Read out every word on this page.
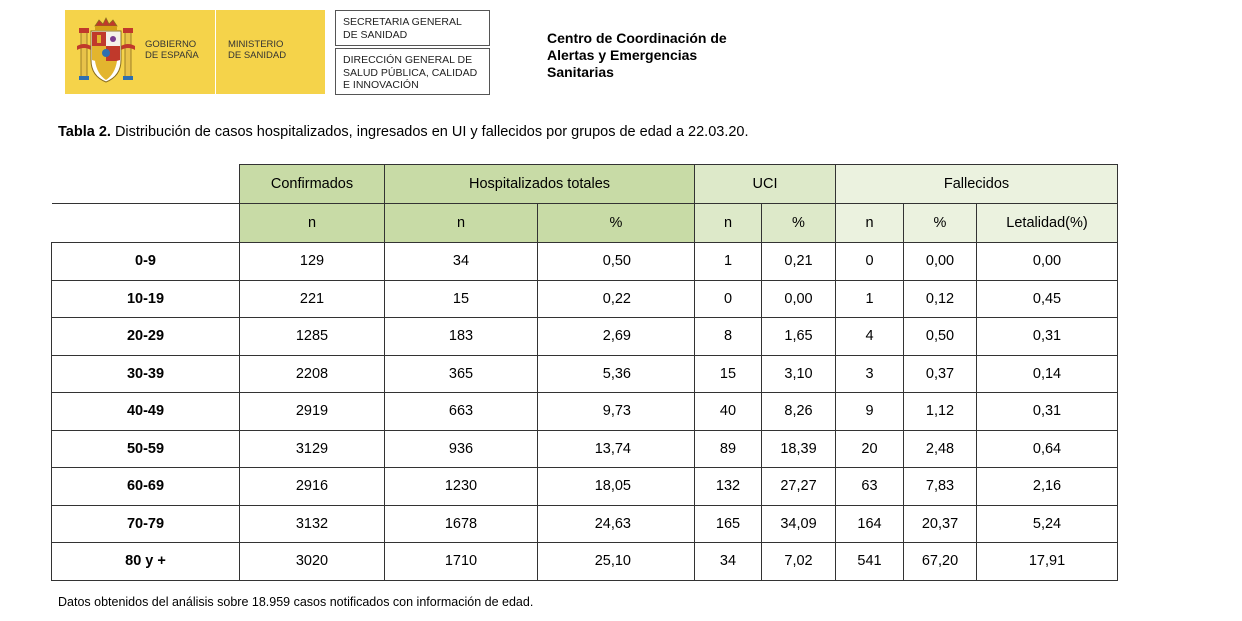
GOBIERNO
DE ESPAÑA
MINISTERIO
DE SANIDAD
SECRETARIA GENERAL
DE SANIDAD
DIRECCIÓN GENERAL DE
SALUD PÚBLICA, CALIDAD
E INNOVACIÓN
Centro de Coordinación de
Alertas y Emergencias
Sanitarias
Tabla 2. Distribución de casos hospitalizados, ingresados en UI y fallecidos por grupos de edad a 22.03.20.
	Confirmados	Hospitalizados totales		UCI		Fallecidos		
	n	n	%	n	%	n	%	Letalidad(%)
0-9	129	34	0,50	1	0,21	0	0,00	0,00
10-19	221	15	0,22	0	0,00	1	0,12	0,45
20-29	1285	183	2,69	8	1,65	4	0,50	0,31
30-39	2208	365	5,36	15	3,10	3	0,37	0,14
40-49	2919	663	9,73	40	8,26	9	1,12	0,31
50-59	3129	936	13,74	89	18,39	20	2,48	0,64
60-69	2916	1230	18,05	132	27,27	63	7,83	2,16
70-79	3132	1678	24,63	165	34,09	164	20,37	5,24
80 y +	3020	1710	25,10	34	7,02	541	67,20	17,91
Datos obtenidos del análisis sobre 18.959 casos notificados con información de edad.
